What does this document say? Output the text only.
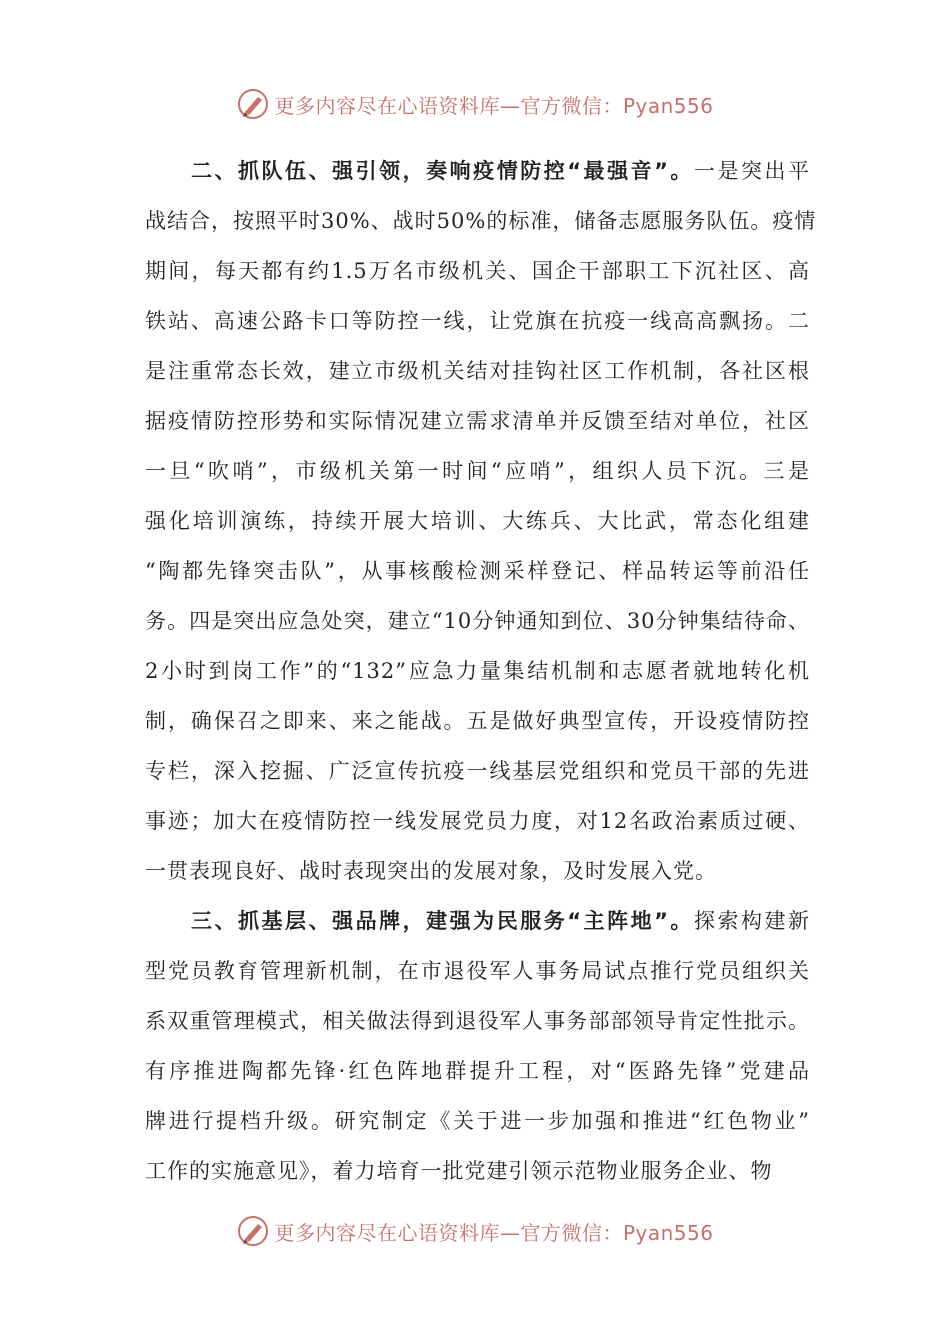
更多内容尽在心语资料库—官方微信：Pyan556
二、抓队伍、强引领，奏响疫情防控“最强音”。一是突出平
战结合，按照平时30%、战时50%的标准，储备志愿服务队伍。疫情
期间，每天都有约1.5万名市级机关、国企干部职工下沉社区、高
铁站、高速公路卡口等防控一线，让党旗在抗疫一线高高飘扬。二
是注重常态长效，建立市级机关结对挂钩社区工作机制，各社区根
据疫情防控形势和实际情况建立需求清单并反馈至结对单位，社区
一旦“吹哨”，市级机关第一时间“应哨”，组织人员下沉。三是
强化培训演练，持续开展大培训、大练兵、大比武，常态化组建
“陶都先锋突击队”，从事核酸检测采样登记、样品转运等前沿任
务。四是突出应急处突，建立“10分钟通知到位、30分钟集结待命、
2小时到岗工作”的“132”应急力量集结机制和志愿者就地转化机
制，确保召之即来、来之能战。五是做好典型宣传，开设疫情防控
专栏，深入挖掘、广泛宣传抗疫一线基层党组织和党员干部的先进
事迹；加大在疫情防控一线发展党员力度，对12名政治素质过硬、
一贯表现良好、战时表现突出的发展对象，及时发展入党。
三、抓基层、强品牌，建强为民服务“主阵地”。探索构建新
型党员教育管理新机制，在市退役军人事务局试点推行党员组织关
系双重管理模式，相关做法得到退役军人事务部部领导肯定性批示。
有序推进陶都先锋·红色阵地群提升工程，对“医路先锋”党建品
牌进行提档升级。研究制定《关于进一步加强和推进“红色物业”
工作的实施意见》，着力培育一批党建引领示范物业服务企业、物
更多内容尽在心语资料库—官方微信：Pyan556
